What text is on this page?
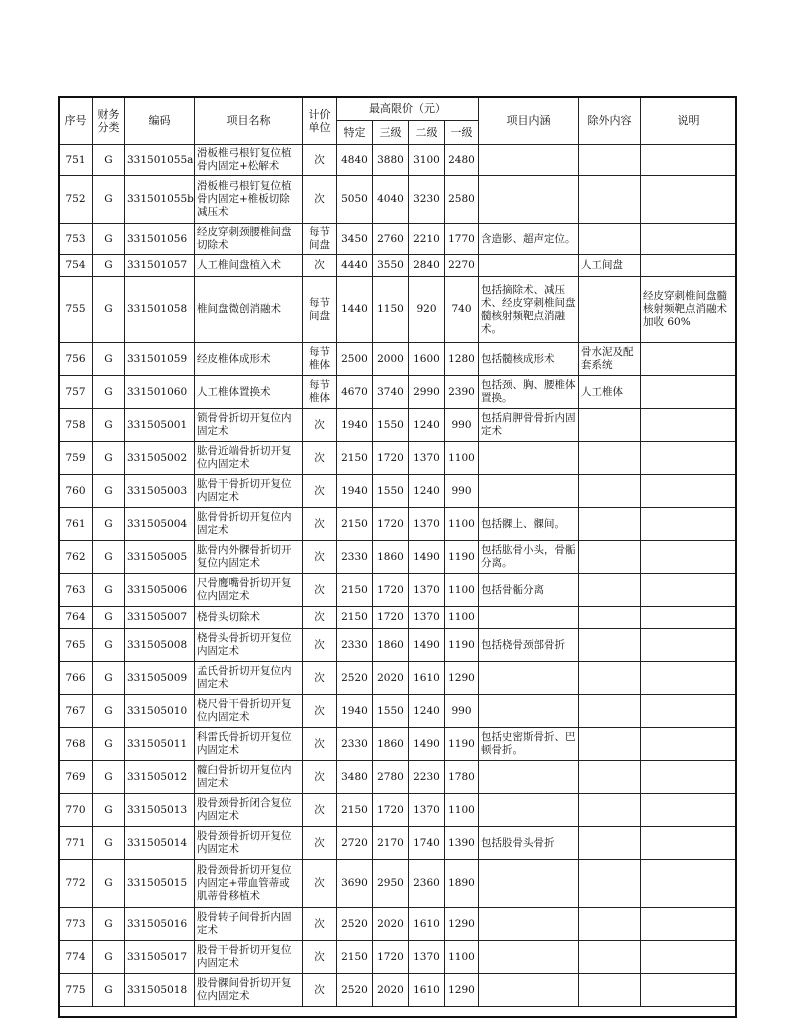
序号	财务分类	编码	项目名称	计价单位	最高限价（元）				项目内涵	除外内容	说明
					特定	三级	二级	一级			
751	G	331501055a	滑板椎弓根钉复位植骨内固定+松解术	次	4840	3880	3100	2480			
752	G	331501055b	滑板椎弓根钉复位植骨内固定+椎板切除减压术	次	5050	4040	3230	2580			
753	G	331501056	经皮穿刺颈腰椎间盘切除术	每节间盘	3450	2760	2210	1770	含造影、超声定位。		
754	G	331501057	人工椎间盘植入术	次	4440	3550	2840	2270		人工间盘	
755	G	331501058	椎间盘微创消融术	每节间盘	1440	1150	920	740	包括摘除术、减压术、经皮穿刺椎间盘髓核射频靶点消融术。		经皮穿刺椎间盘髓核射频靶点消融术加收 60%
756	G	331501059	经皮椎体成形术	每节椎体	2500	2000	1600	1280	包括髓核成形术	骨水泥及配套系统	
757	G	331501060	人工椎体置换术	每节椎体	4670	3740	2990	2390	包括颈、胸、腰椎体置换。	人工椎体	
758	G	331505001	锁骨骨折切开复位内固定术	次	1940	1550	1240	990	包括肩胛骨骨折内固定术		
759	G	331505002	肱骨近端骨折切开复位内固定术	次	2150	1720	1370	1100			
760	G	331505003	肱骨干骨折切开复位内固定术	次	1940	1550	1240	990			
761	G	331505004	肱骨骨折切开复位内固定术	次	2150	1720	1370	1100	包括髁上、髁间。		
762	G	331505005	肱骨内外髁骨折切开复位内固定术	次	2330	1860	1490	1190	包括肱骨小头，骨骺分离。		
763	G	331505006	尺骨鹰嘴骨折切开复位内固定术	次	2150	1720	1370	1100	包括骨骺分离		
764	G	331505007	桡骨头切除术	次	2150	1720	1370	1100			
765	G	331505008	桡骨头骨折切开复位内固定术	次	2330	1860	1490	1190	包括桡骨颈部骨折		
766	G	331505009	孟氏骨折切开复位内固定术	次	2520	2020	1610	1290			
767	G	331505010	桡尺骨干骨折切开复位内固定术	次	1940	1550	1240	990			
768	G	331505011	科雷氏骨折切开复位内固定术	次	2330	1860	1490	1190	包括史密斯骨折、巴顿骨折。		
769	G	331505012	髋臼骨折切开复位内固定术	次	3480	2780	2230	1780			
770	G	331505013	股骨颈骨折闭合复位内固定术	次	2150	1720	1370	1100			
771	G	331505014	股骨颈骨折切开复位内固定术	次	2720	2170	1740	1390	包括股骨头骨折		
772	G	331505015	股骨颈骨折切开复位内固定+带血管蒂或肌蒂骨移植术	次	3690	2950	2360	1890			
773	G	331505016	股骨转子间骨折内固定术	次	2520	2020	1610	1290			
774	G	331505017	股骨干骨折切开复位内固定术	次	2150	1720	1370	1100			
775	G	331505018	股骨髁间骨折切开复位内固定术	次	2520	2020	1610	1290			
